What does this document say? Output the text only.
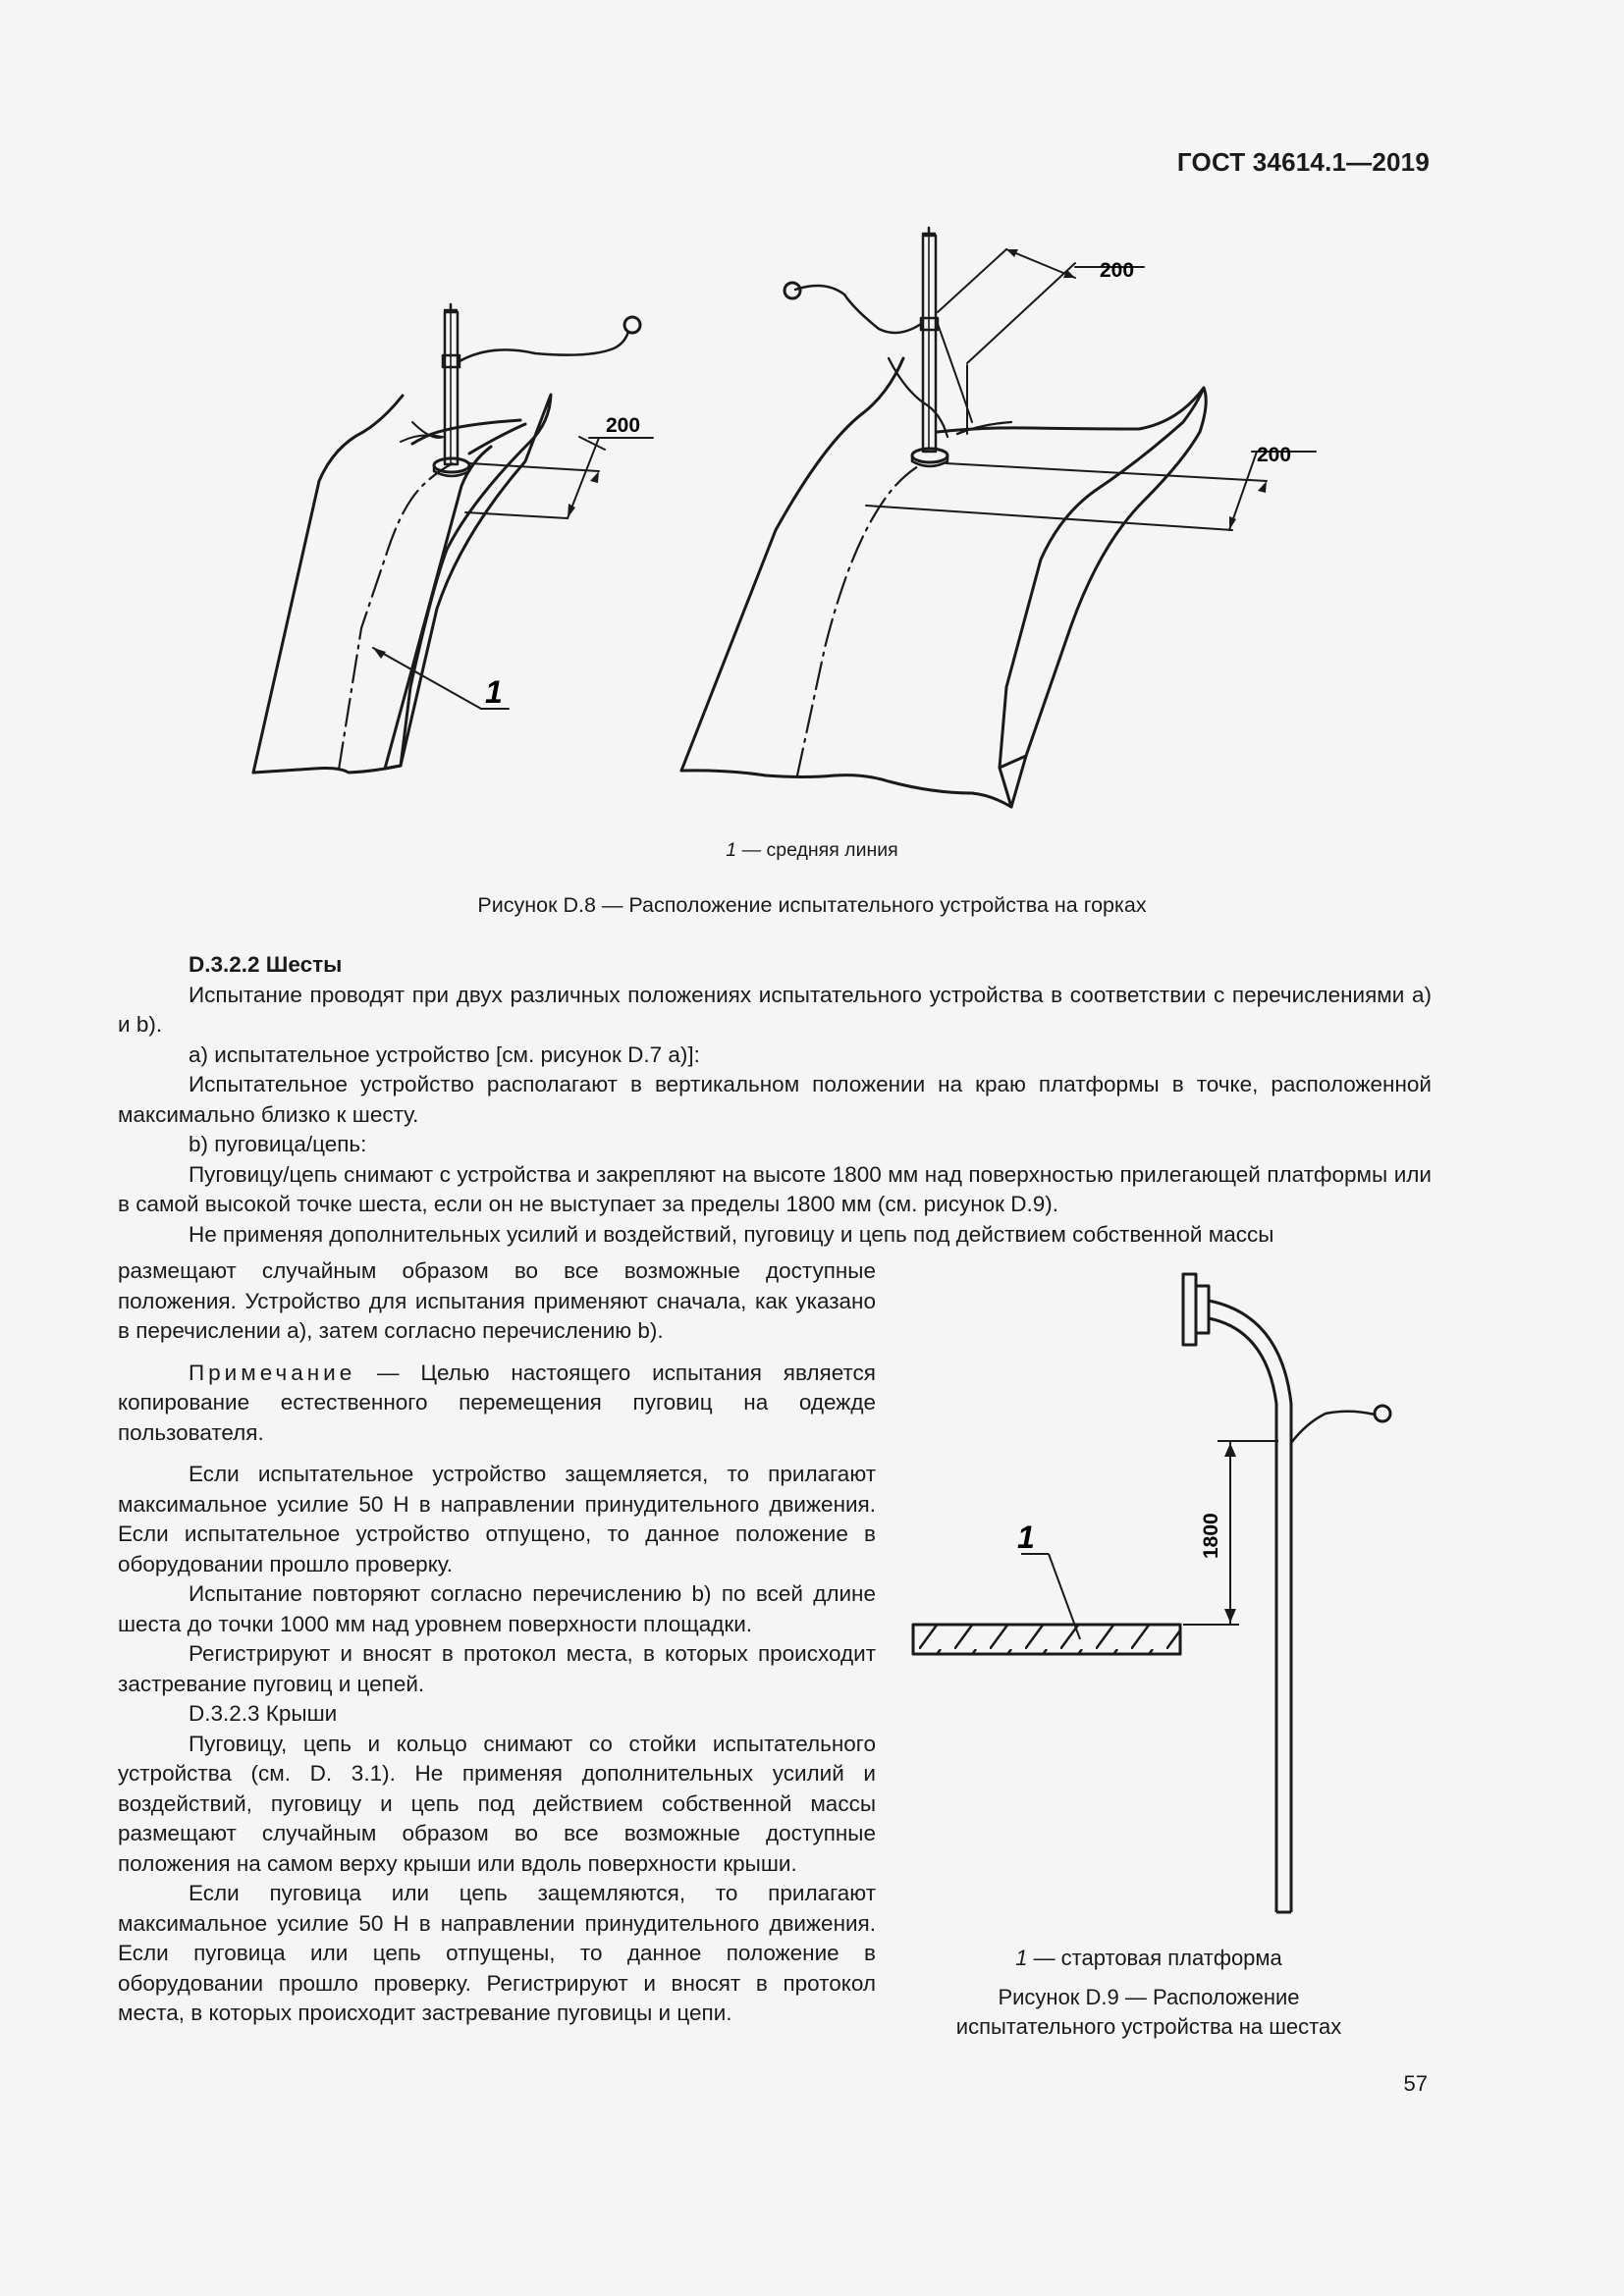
ГОСТ 34614.1—2019
200
200
200
1
1 — средняя линия
Рисунок D.8 — Расположение испытательного устройства на горках

D.3.2.2 Шесты

Испытание проводят при двух различных положениях испытательного устройства в соответствии с перечислениями а) и b).

а) испытательное устройство [см. рисунок D.7 а)]:

Испытательное устройство располагают в вертикальном положении на краю платформы в точке, расположенной максимально близко к шесту.

b) пуговица/цепь:

Пуговицу/цепь снимают с устройства и закрепляют на высоте 1800 мм над поверхностью прилегающей платформы или в самой высокой точке шеста, если он не выступает за пределы 1800 мм (см. рисунок D.9).

Не применяя дополнительных усилий и воздействий, пуговицу и цепь под действием собственной массы

размещают случайным образом во все возможные доступные положения. Устройство для испытания применяют сначала, как указано в перечислении а), затем согласно перечислению b).

Примечание — Целью настоящего испытания является копирование естественного перемещения пуговиц на одежде пользователя.

Если испытательное устройство защемляется, то прилагают максимальное усилие 50 Н в направлении принудительного движения. Если испытательное устройство отпущено, то данное положение в оборудовании прошло проверку.

Испытание повторяют согласно перечислению b) по всей длине шеста до точки 1000 мм над уровнем поверхности площадки.

Регистрируют и вносят в протокол места, в которых происходит застревание пуговиц и цепей.

D.3.2.3 Крыши

Пуговицу, цепь и кольцо снимают со стойки испытательного устройства (см. D. 3.1). Не применяя дополнительных усилий и воздействий, пуговицу и цепь под действием собственной массы размещают случайным образом во все возможные доступные положения на самом верху крыши или вдоль поверхности крыши.

Если пуговица или цепь защемляются, то прилагают максимальное усилие 50 Н в направлении принудительного движения. Если пуговица или цепь отпущены, то данное положение в оборудовании прошло проверку. Регистрируют и вносят в протокол места, в которых происходит застревание пуговицы и цепи.

1800
1
1 — стартовая платформа
Рисунок D.9 — Расположение
испытательного устройства на шестах
57
